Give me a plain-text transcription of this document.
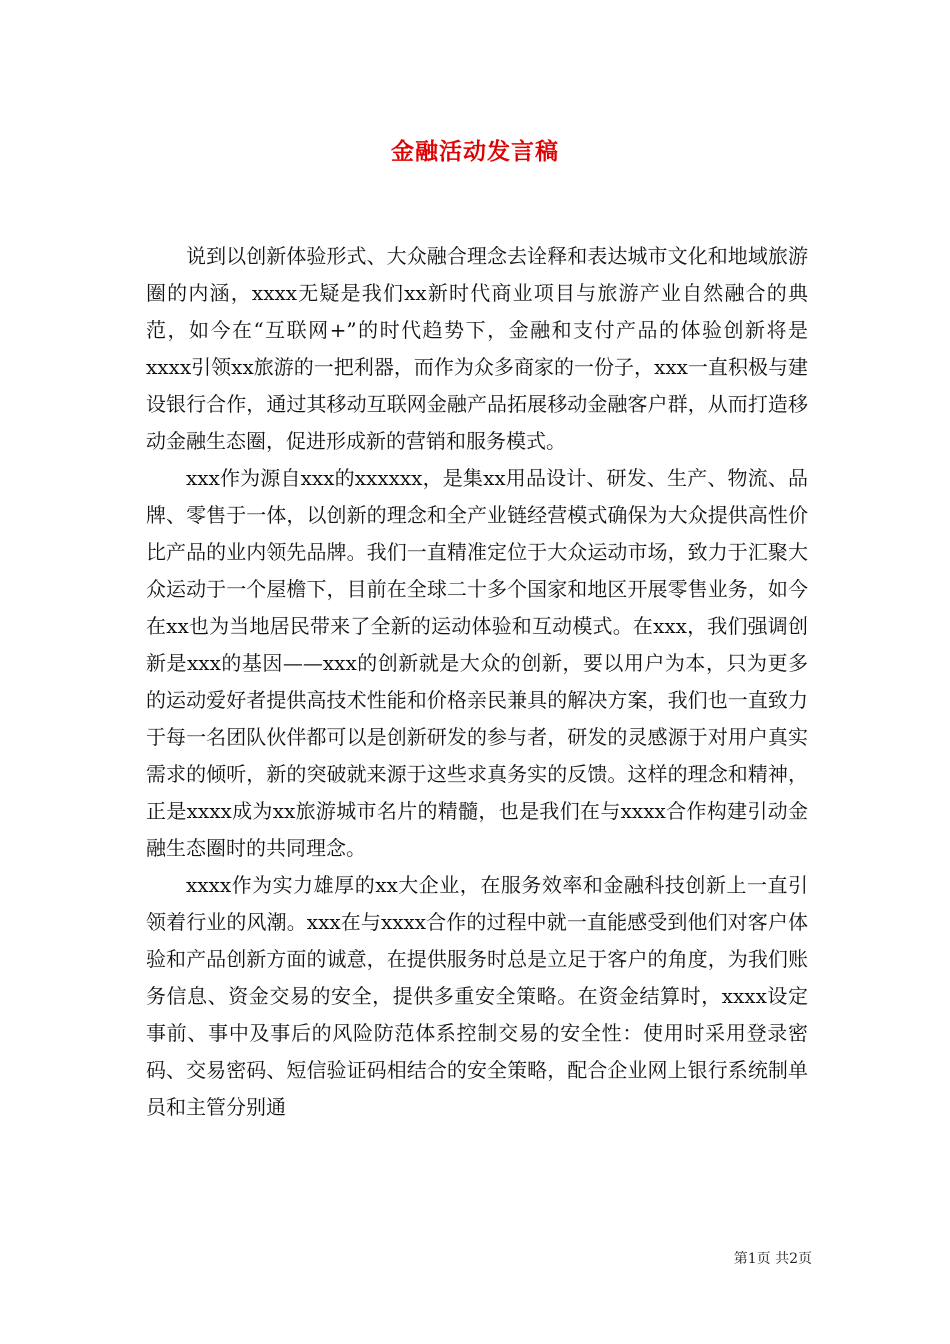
金融活动发言稿

说到以创新体验形式、大众融合理念去诠释和表达城市文化和地域旅游圈的内涵，xxxx无疑是我们xx新时代商业项目与旅游产业自然融合的典范，如今在“互联网+”的时代趋势下，金融和支付产品的体验创新将是xxxx引领xx旅游的一把利器，而作为众多商家的一份子，xxx一直积极与建设银行合作，通过其移动互联网金融产品拓展移动金融客户群，从而打造移动金融生态圈，促进形成新的营销和服务模式。

xxx作为源自xxx的xxxxxx，是集xx用品设计、研发、生产、物流、品牌、零售于一体，以创新的理念和全产业链经营模式确保为大众提供高性价比产品的业内领先品牌。我们一直精准定位于大众运动市场，致力于汇聚大众运动于一个屋檐下，目前在全球二十多个国家和地区开展零售业务，如今在xx也为当地居民带来了全新的运动体验和互动模式。在xxx，我们强调创新是xxx的基因——xxx的创新就是大众的创新，要以用户为本，只为更多的运动爱好者提供高技术性能和价格亲民兼具的解决方案，我们也一直致力于每一名团队伙伴都可以是创新研发的参与者，研发的灵感源于对用户真实需求的倾听，新的突破就来源于这些求真务实的反馈。这样的理念和精神，正是xxxx成为xx旅游城市名片的精髓，也是我们在与xxxx合作构建引动金融生态圈时的共同理念。

xxxx作为实力雄厚的xx大企业，在服务效率和金融科技创新上一直引领着行业的风潮。xxx在与xxxx合作的过程中就一直能感受到他们对客户体验和产品创新方面的诚意，在提供服务时总是立足于客户的角度，为我们账务信息、资金交易的安全，提供多重安全策略。在资金结算时，xxxx设定事前、事中及事后的风险防范体系控制交易的安全性：使用时采用登录密码、交易密码、短信验证码相结合的安全策略，配合企业网上银行系统制单员和主管分别通

第1页 共2页
